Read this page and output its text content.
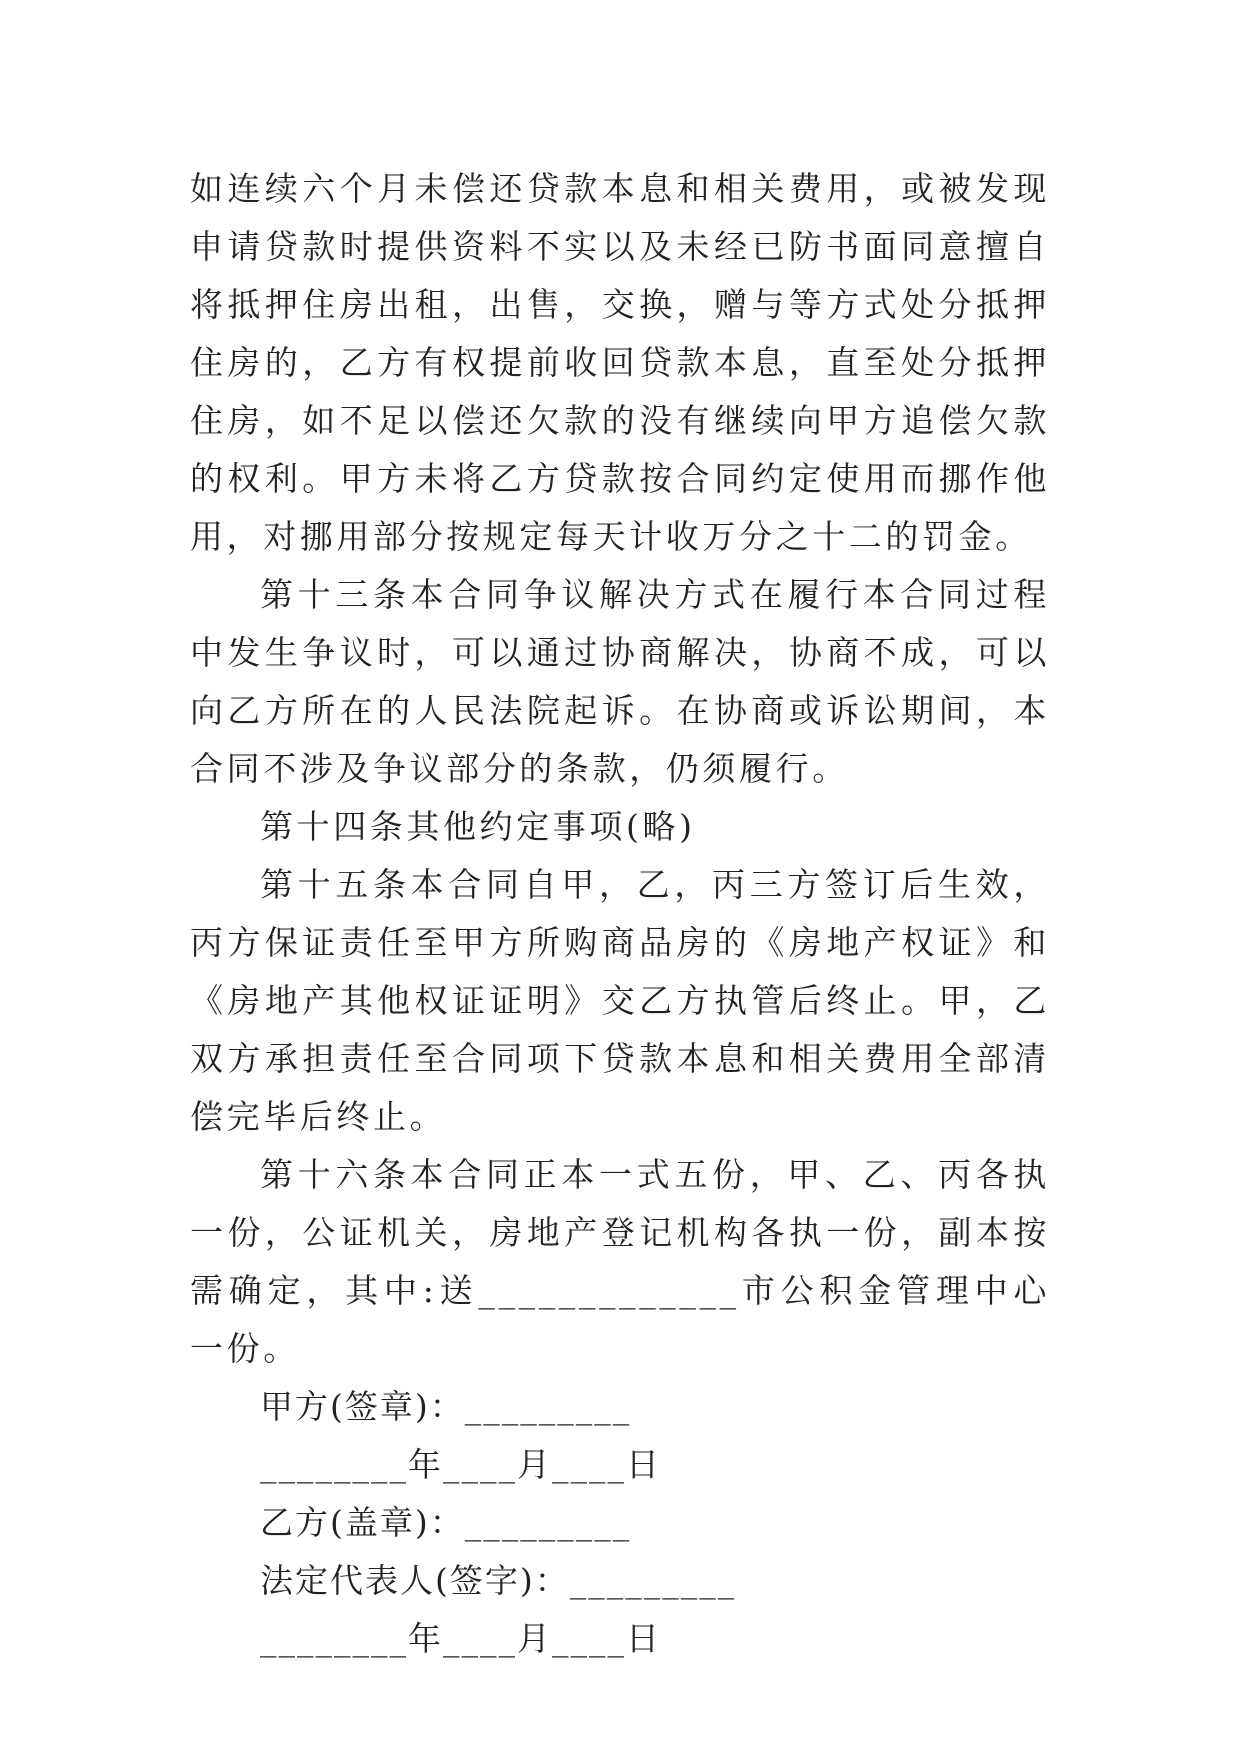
如连续六个月未偿还贷款本息和相关费用，或被发现申请贷款时提供资料不实以及未经已防书面同意擅自将抵押住房出租，出售，交换，赠与等方式处分抵押住房的，乙方有权提前收回贷款本息，直至处分抵押住房，如不足以偿还欠款的没有继续向甲方追偿欠款的权利。甲方未将乙方贷款按合同约定使用而挪作他用，对挪用部分按规定每天计收万分之十二的罚金。

第十三条本合同争议解决方式在履行本合同过程中发生争议时，可以通过协商解决，协商不成，可以向乙方所在的人民法院起诉。在协商或诉讼期间，本合同不涉及争议部分的条款，仍须履行。

第十四条其他约定事项(略)

第十五条本合同自甲，乙，丙三方签订后生效，丙方保证责任至甲方所购商品房的《房地产权证》和《房地产其他权证证明》交乙方执管后终止。甲，乙双方承担责任至合同项下贷款本息和相关费用全部清偿完毕后终止。

第十六条本合同正本一式五份，甲、乙、丙各执一份，公证机关，房地产登记机构各执一份，副本按需确定，其中:送_____________市公积金管理中心一份。

甲方(签章)：_________

________年____月____日

乙方(盖章)：_________

法定代表人(签字)：_________

________年____月____日
